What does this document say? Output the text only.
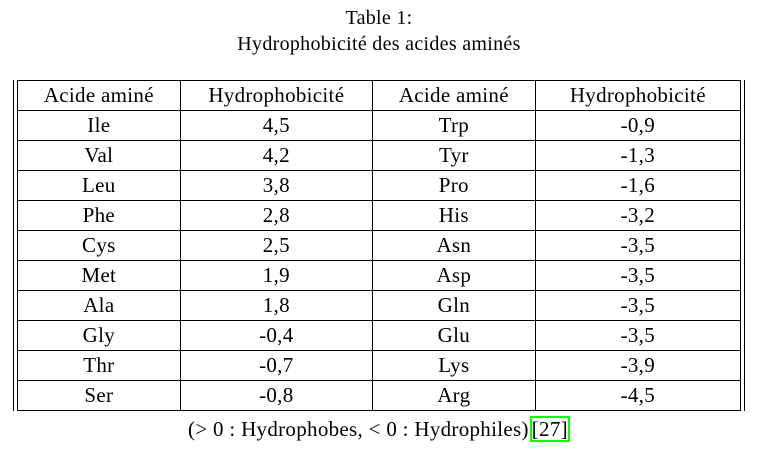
Table 1:
Hydrophobicité des acides aminés
Acide aminé	Hydrophobicité	Acide aminé	Hydrophobicité
Ile	4,5	Trp	-0,9
Val	4,2	Tyr	-1,3
Leu	3,8	Pro	-1,6
Phe	2,8	His	-3,2
Cys	2,5	Asn	-3,5
Met	1,9	Asp	-3,5
Ala	1,8	Gln	-3,5
Gly	-0,4	Glu	-3,5
Thr	-0,7	Lys	-3,9
Ser	-0,8	Arg	-4,5
(> 0 : Hydrophobes, < 0 : Hydrophiles) [27]
